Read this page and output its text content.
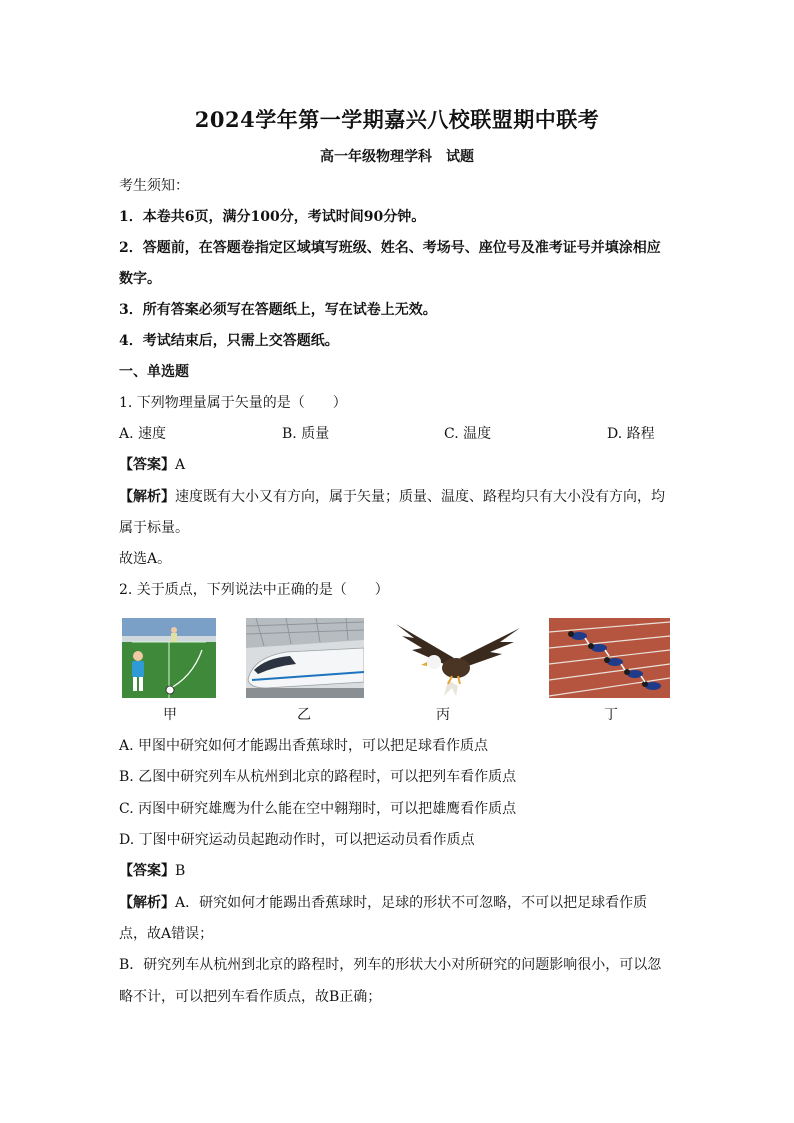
2024学年第一学期嘉兴八校联盟期中联考
高一年级物理学科　试题
考生须知：
1．本卷共6页，满分100分，考试时间90分钟。
2．答题前，在答题卷指定区域填写班级、姓名、考场号、座位号及准考证号并填涂相应
数字。
3．所有答案必须写在答题纸上，写在试卷上无效。
4．考试结束后，只需上交答题纸。
一、单选题
1. 下列物理量属于矢量的是（　　）
A. 速度	B. 质量	C. 温度	D. 路程
【答案】A
【解析】速度既有大小又有方向，属于矢量；质量、温度、路程均只有大小没有方向，均
属于标量。
故选A。
2. 关于质点，下列说法中正确的是（　　）
甲	乙	丙	丁
A. 甲图中研究如何才能踢出香蕉球时，可以把足球看作质点
B. 乙图中研究列车从杭州到北京的路程时，可以把列车看作质点
C. 丙图中研究雄鹰为什么能在空中翱翔时，可以把雄鹰看作质点
D. 丁图中研究运动员起跑动作时，可以把运动员看作质点
【答案】B
【解析】A．研究如何才能踢出香蕉球时，足球的形状不可忽略，不可以把足球看作质
点，故A错误；
B．研究列车从杭州到北京的路程时，列车的形状大小对所研究的问题影响很小，可以忽
略不计，可以把列车看作质点，故B正确；
